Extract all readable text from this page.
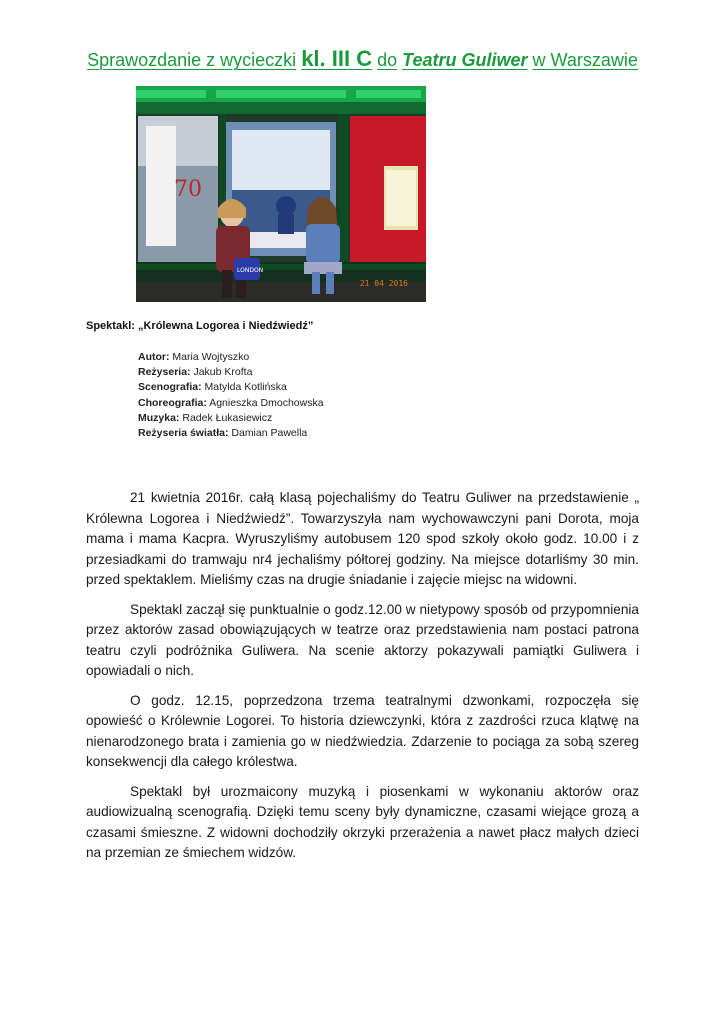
Sprawozdanie z wycieczki kl. III C do Teatru Guliwer w Warszawie
LONDON
70
21 04 2016
Spektakl: „Królewna Logorea i Niedźwiedź”
Autor: Maria Wojtyszko
Reżyseria: Jakub Krofta
Scenografia: Matylda Kotlińska
Choreografia: Agnieszka Dmochowska
Muzyka: Radek Łukasiewicz
Reżyseria światła: Damian Pawella

21 kwietnia 2016r. całą klasą pojechaliśmy do Teatru Guliwer na przedstawienie „ Królewna Logorea i Niedźwiedź”. Towarzyszyła nam wychowawczyni pani Dorota, moja mama i mama Kacpra. Wyruszyliśmy autobusem 120 spod szkoły około godz. 10.00 i z przesiadkami do tramwaju nr4 jechaliśmy półtorej godziny. Na miejsce dotarliśmy 30 min. przed spektaklem. Mieliśmy czas na drugie śniadanie i zajęcie miejsc na widowni.

Spektakl zaczął się punktualnie o godz.12.00 w nietypowy sposób od przypomnienia przez aktorów zasad obowiązujących w teatrze oraz przedstawienia nam postaci patrona teatru czyli podróżnika Guliwera. Na scenie aktorzy pokazywali pamiątki Guliwera i opowiadali o nich.

O godz. 12.15, poprzedzona trzema teatralnymi dzwonkami, rozpoczęła się opowieść o Królewnie Logorei. To historia dziewczynki, która z zazdrości rzuca klątwę na nienarodzonego brata i zamienia go w niedźwiedzia. Zdarzenie to pociąga za sobą szereg konsekwencji dla całego królestwa.

Spektakl był urozmaicony muzyką i piosenkami w wykonaniu aktorów oraz audiowizualną scenografią. Dzięki temu sceny były dynamiczne, czasami wiejące grozą a czasami śmieszne. Z widowni dochodziły okrzyki przerażenia a nawet płacz małych dzieci na przemian ze śmiechem widzów.
